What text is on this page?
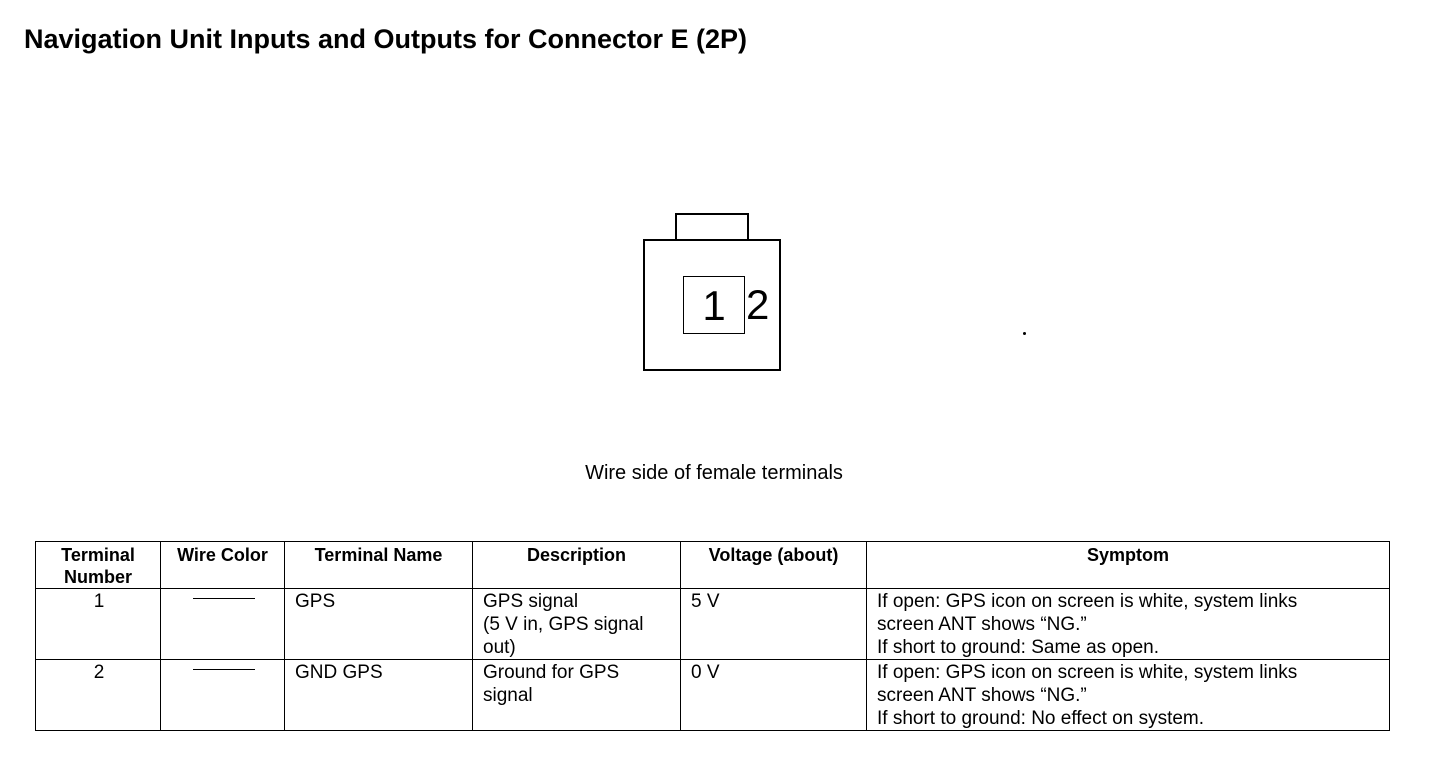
Navigation Unit Inputs and Outputs for Connector E (2P)
1 2
Wire side of female terminals
Terminal
Number	Wire Color	Terminal Name	Description	Voltage (about)	Symptom
1		GPS	GPS signal
(5 V in, GPS signal
out)	5 V	If open: GPS icon on screen is white, system links
screen ANT shows “NG.”
If short to ground: Same as open.

2		GND GPS	Ground for GPS
signal	0 V	If open: GPS icon on screen is white, system links
screen ANT shows “NG.”
If short to ground: No effect on system.
